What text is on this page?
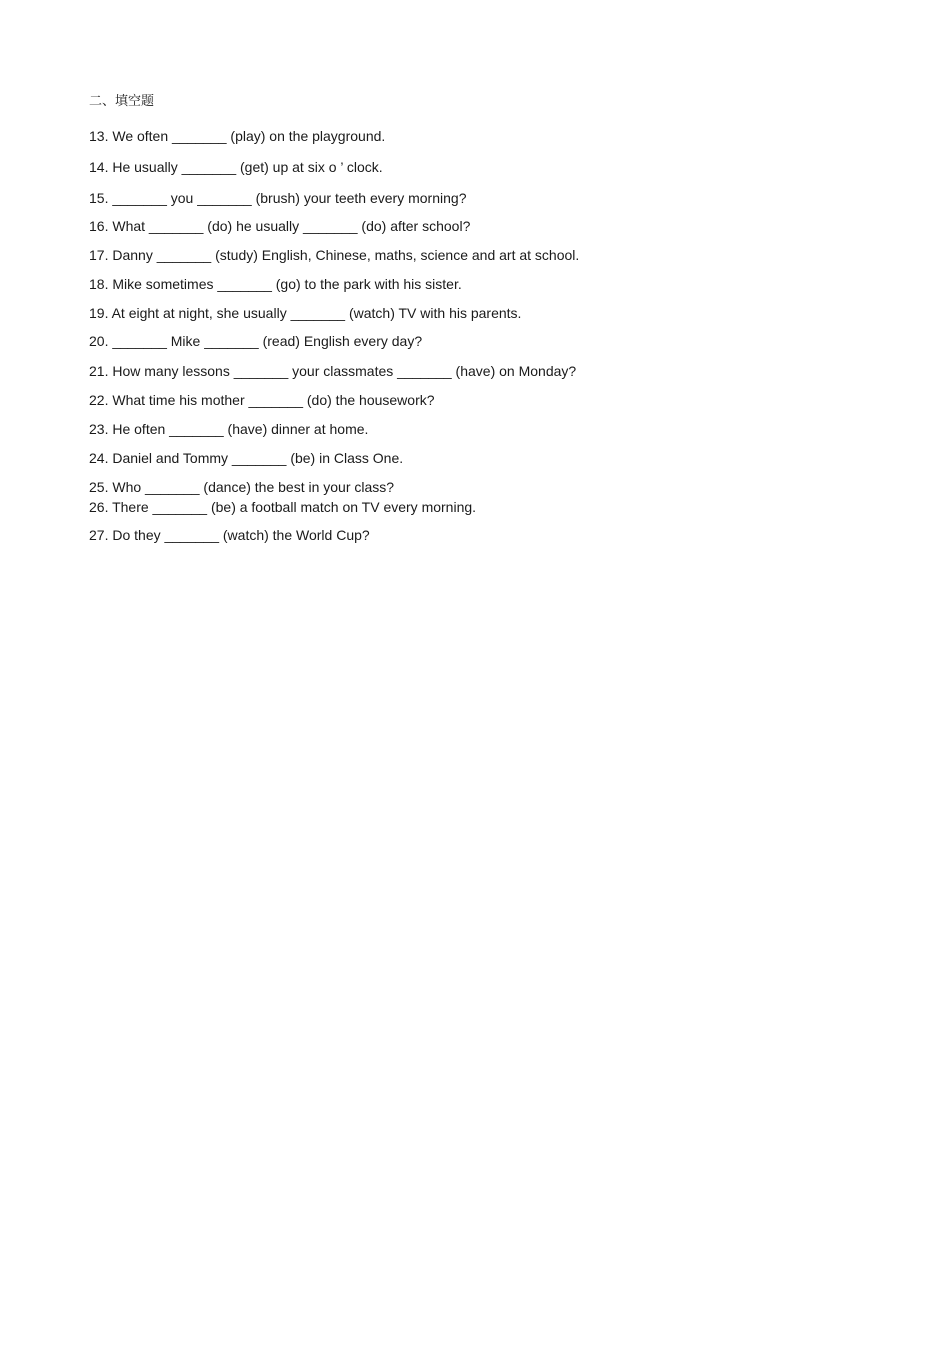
二、填空题
13. We often _______ (play) on the playground.
14. He usually _______ (get) up at six o ’ clock.
15. _______ you _______ (brush) your teeth every morning?
16. What _______ (do) he usually _______ (do) after school?
17. Danny _______ (study) English, Chinese, maths, science and art at school.
18. Mike sometimes _______ (go) to the park with his sister.
19. At eight at night, she usually _______ (watch) TV with his parents.
20. _______ Mike _______ (read) English every day?
21. How many lessons _______ your classmates _______ (have) on Monday?
22. What time his mother _______ (do) the housework?
23. He often _______ (have) dinner at home.
24. Daniel and Tommy _______ (be) in Class One.
25. Who _______ (dance) the best in your class?
26. There _______ (be) a football match on TV every morning.
27. Do they _______ (watch) the World Cup?
